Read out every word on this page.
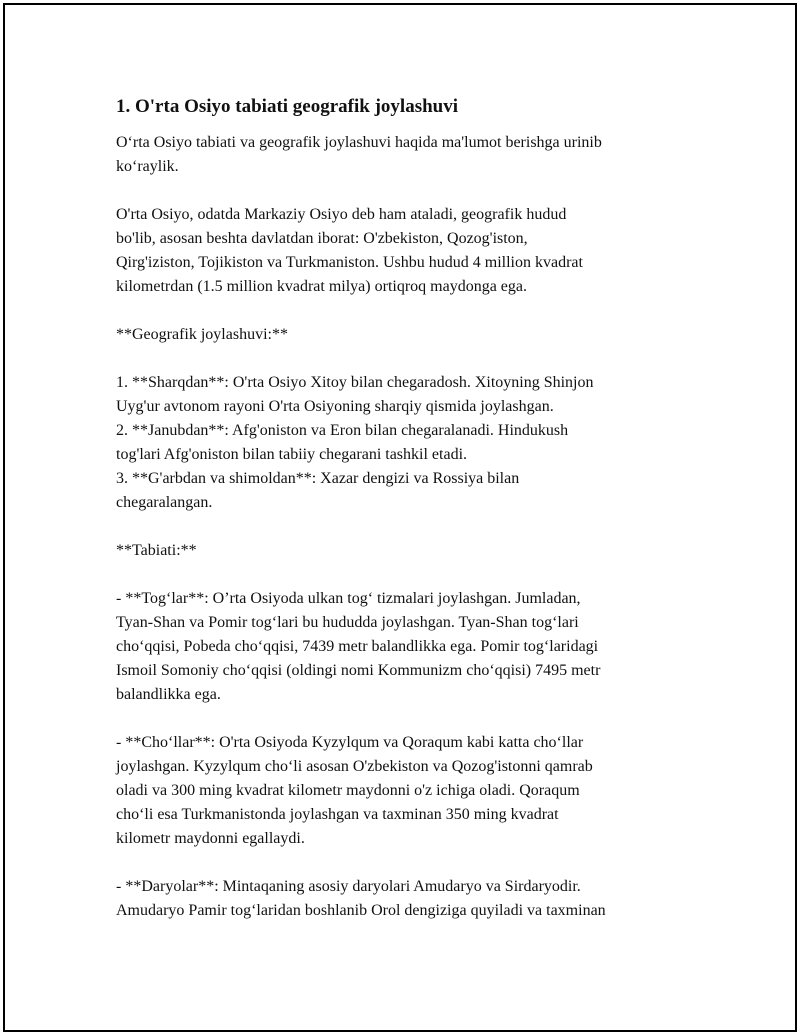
1. O'rta Osiyo tabiati geografik joylashuvi

O‘rta Osiyo tabiati va geografik joylashuvi haqida ma'lumot berishga urinib
ko‘raylik.

O'rta Osiyo, odatda Markaziy Osiyo deb ham ataladi, geografik hudud
bo'lib, asosan beshta davlatdan iborat: O'zbekiston, Qozog'iston,
Qirg'iziston, Tojikiston va Turkmaniston. Ushbu hudud 4 million kvadrat
kilometrdan (1.5 million kvadrat milya) ortiqroq maydonga ega.

**Geografik joylashuvi:**

1. **Sharqdan**: O'rta Osiyo Xitoy bilan chegaradosh. Xitoyning Shinjon
Uyg'ur avtonom rayoni O'rta Osiyoning sharqiy qismida joylashgan.
2. **Janubdan**: Afg'oniston va Eron bilan chegaralanadi. Hindukush
tog'lari Afg'oniston bilan tabiiy chegarani tashkil etadi.
3. **G'arbdan va shimoldan**: Xazar dengizi va Rossiya bilan
chegaralangan.

**Tabiati:**

- **Tog‘lar**: O’rta Osiyoda ulkan tog‘ tizmalari joylashgan. Jumladan,
Tyan-Shan va Pomir tog‘lari bu hududda joylashgan. Tyan-Shan tog‘lari
cho‘qqisi, Pobeda cho‘qqisi, 7439 metr balandlikka ega. Pomir tog‘laridagi
Ismoil Somoniy cho‘qqisi (oldingi nomi Kommunizm cho‘qqisi) 7495 metr
balandlikka ega.

- **Cho‘llar**: O'rta Osiyoda Kyzylqum va Qoraqum kabi katta cho‘llar
joylashgan. Kyzylqum cho‘li asosan O'zbekiston va Qozog'istonni qamrab
oladi va 300 ming kvadrat kilometr maydonni o'z ichiga oladi. Qoraqum
cho‘li esa Turkmanistonda joylashgan va taxminan 350 ming kvadrat
kilometr maydonni egallaydi.

- **Daryolar**: Mintaqaning asosiy daryolari Amudaryo va Sirdaryodir.
Amudaryo Pamir tog‘laridan boshlanib Orol dengiziga quyiladi va taxminan
